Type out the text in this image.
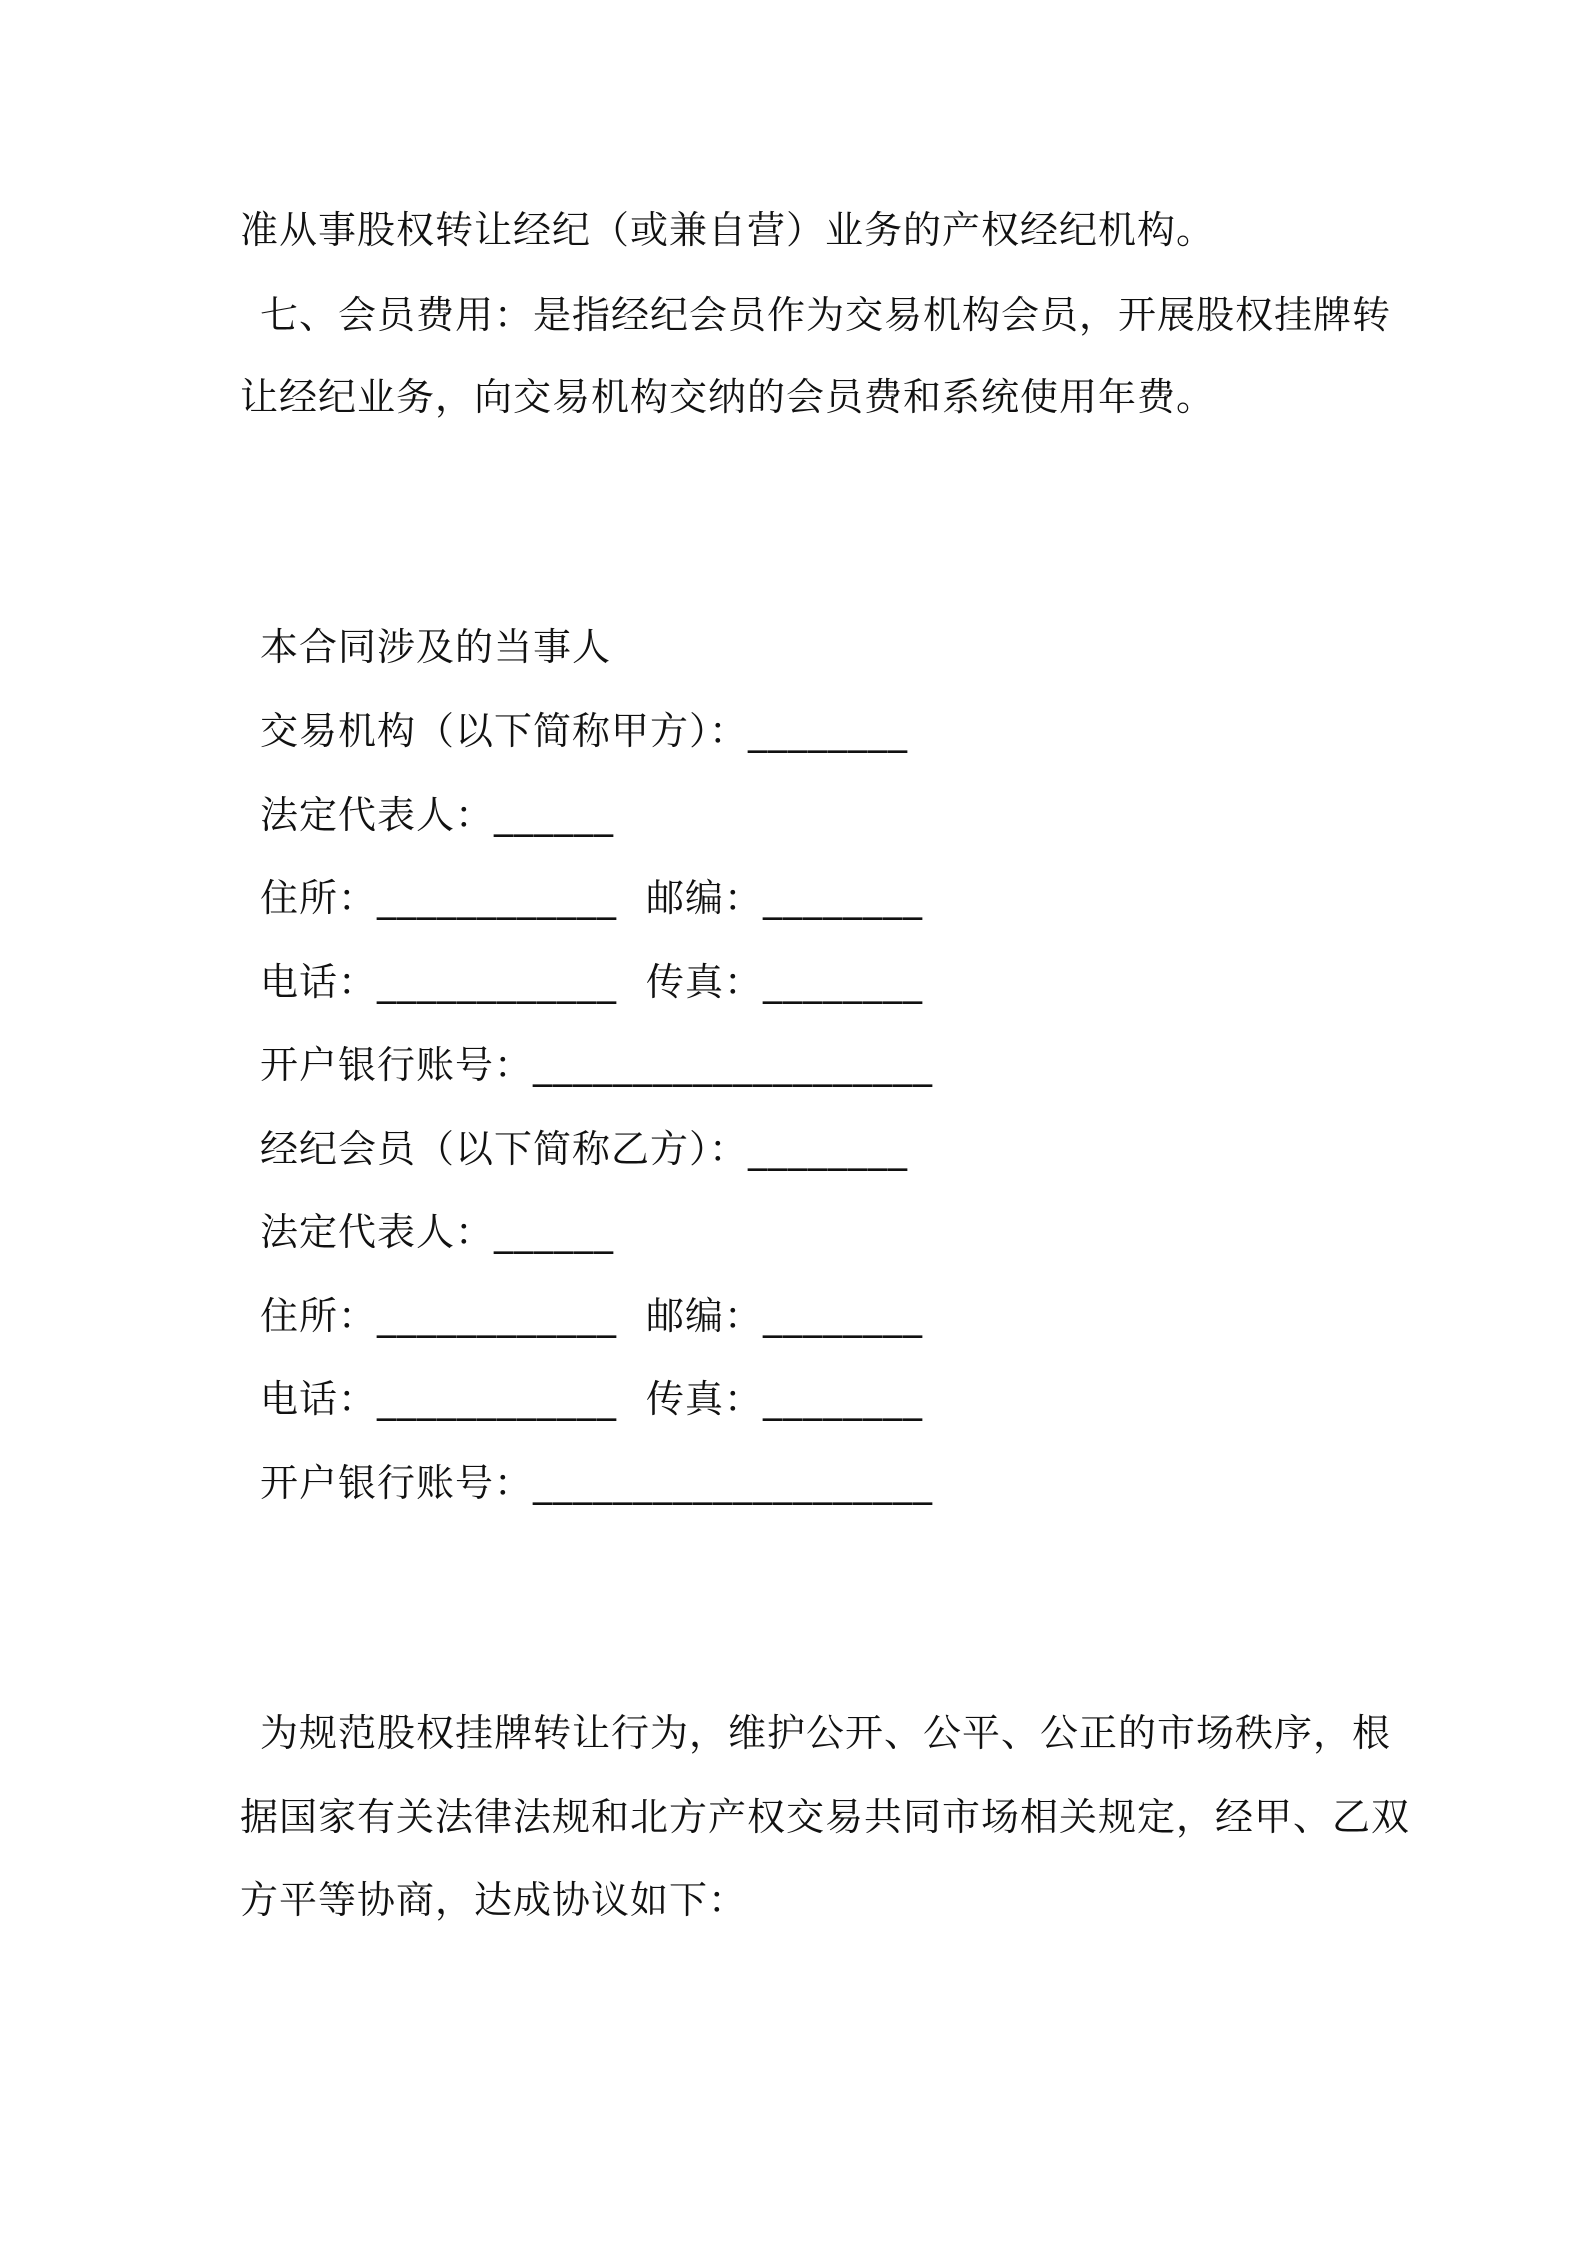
准从事股权转让经纪（或兼自营）业务的产权经纪机构。
七、会员费用：是指经纪会员作为交易机构会员，开展股权挂牌转
让经纪业务，向交易机构交纳的会员费和系统使用年费。
本合同涉及的当事人
交易机构（以下简称甲方）：________
法定代表人：______
住所：____________ 邮编：________
电话：____________ 传真：________
开户银行账号：____________________
经纪会员（以下简称乙方）：________
法定代表人：______
住所：____________ 邮编：________
电话：____________ 传真：________
开户银行账号：____________________
为规范股权挂牌转让行为，维护公开、公平、公正的市场秩序，根
据国家有关法律法规和北方产权交易共同市场相关规定，经甲、乙双
方平等协商，达成协议如下：
